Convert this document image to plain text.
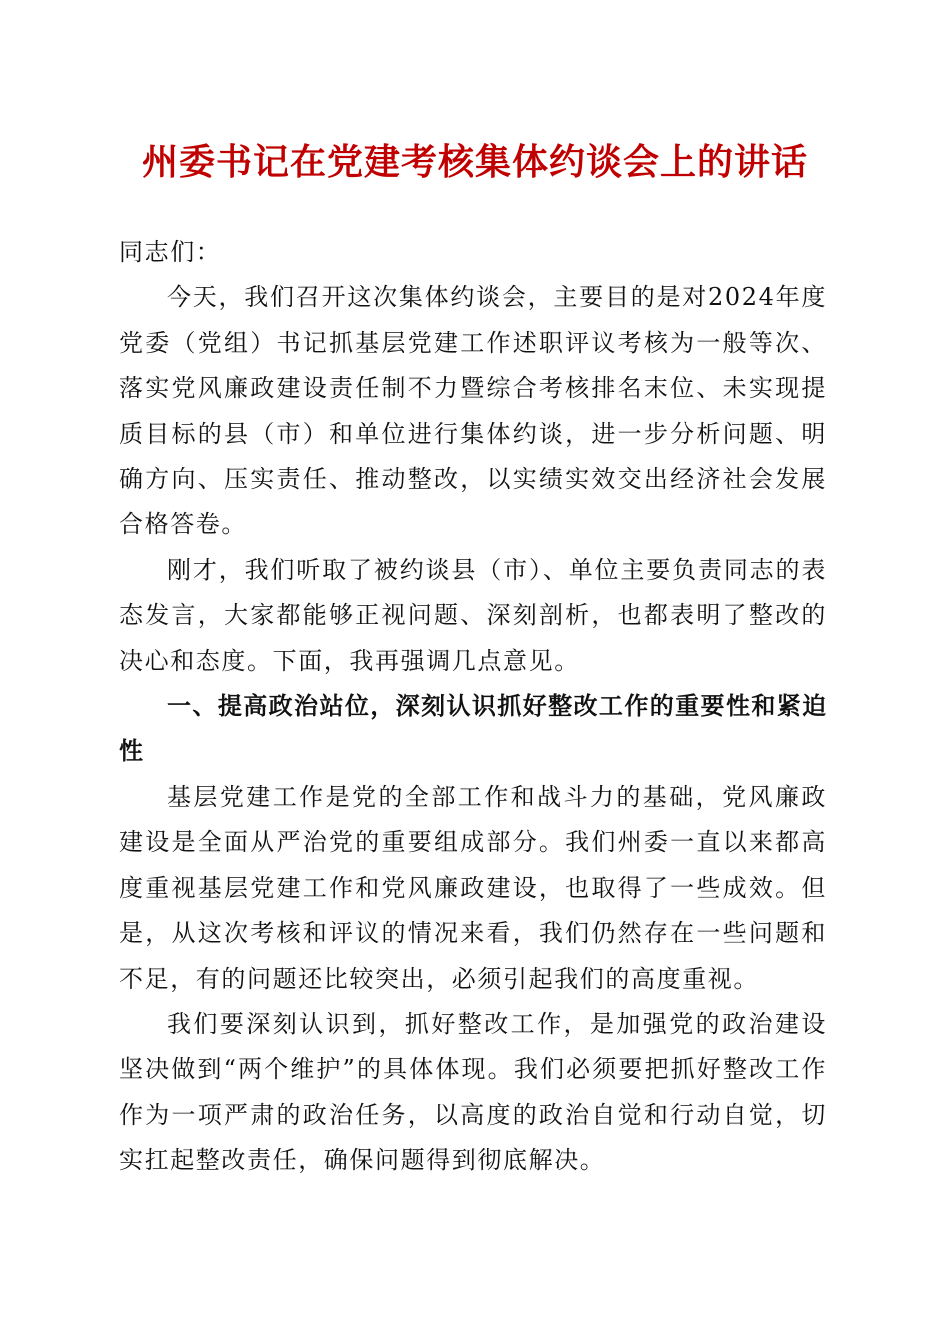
州委书记在党建考核集体约谈会上的讲话

同志们：

今天，我们召开这次集体约谈会，主要目的是对2024年度党委（党组）书记抓基层党建工作述职评议考核为一般等次、落实党风廉政建设责任制不力暨综合考核排名末位、未实现提质目标的县（市）和单位进行集体约谈，进一步分析问题、明确方向、压实责任、推动整改，以实绩实效交出经济社会发展合格答卷。

刚才，我们听取了被约谈县（市）、单位主要负责同志的表态发言，大家都能够正视问题、深刻剖析，也都表明了整改的决心和态度。下面，我再强调几点意见。

一、提高政治站位，深刻认识抓好整改工作的重要性和紧迫性

基层党建工作是党的全部工作和战斗力的基础，党风廉政建设是全面从严治党的重要组成部分。我们州委一直以来都高度重视基层党建工作和党风廉政建设，也取得了一些成效。但是，从这次考核和评议的情况来看，我们仍然存在一些问题和不足，有的问题还比较突出，必须引起我们的高度重视。

我们要深刻认识到，抓好整改工作，是加强党的政治建设坚决做到“两个维护”的具体体现。我们必须要把抓好整改工作作为一项严肃的政治任务，以高度的政治自觉和行动自觉，切实扛起整改责任，确保问题得到彻底解决。
